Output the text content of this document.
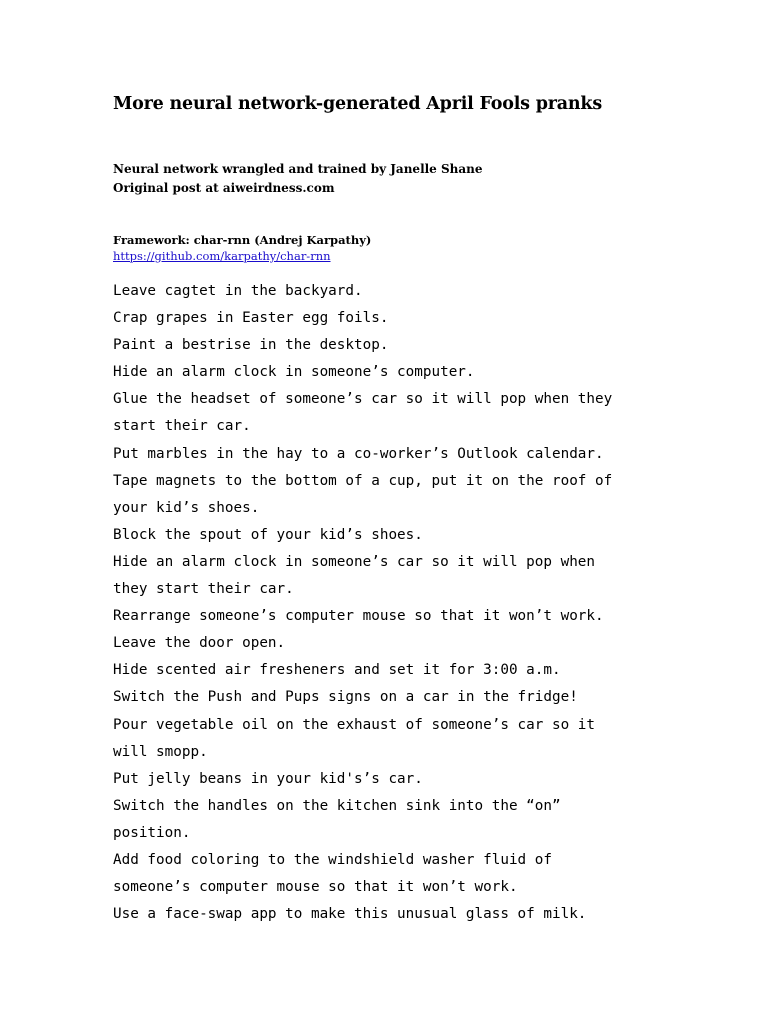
More neural network-generated April Fools pranks
Neural network wrangled and trained by Janelle Shane
Original post at aiweirdness.com
Framework: char-rnn (Andrej Karpathy)
https://github.com/karpathy/char-rnn
Leave cagtet in the backyard.
Crap grapes in Easter egg foils.
Paint a bestrise in the desktop.
Hide an alarm clock in someone’s computer.
Glue the headset of someone’s car so it will pop when they
start their car.
Put marbles in the hay to a co-worker’s Outlook calendar.
Tape magnets to the bottom of a cup, put it on the roof of
your kid’s shoes.
Block the spout of your kid’s shoes.
Hide an alarm clock in someone’s car so it will pop when
they start their car.
Rearrange someone’s computer mouse so that it won’t work.
Leave the door open.
Hide scented air fresheners and set it for 3:00 a.m.
Switch the Push and Pups signs on a car in the fridge!
Pour vegetable oil on the exhaust of someone’s car so it
will smopp.
Put jelly beans in your kid's’s car.
Switch the handles on the kitchen sink into the “on”
position.
Add food coloring to the windshield washer fluid of
someone’s computer mouse so that it won’t work.
Use a face-swap app to make this unusual glass of milk.
